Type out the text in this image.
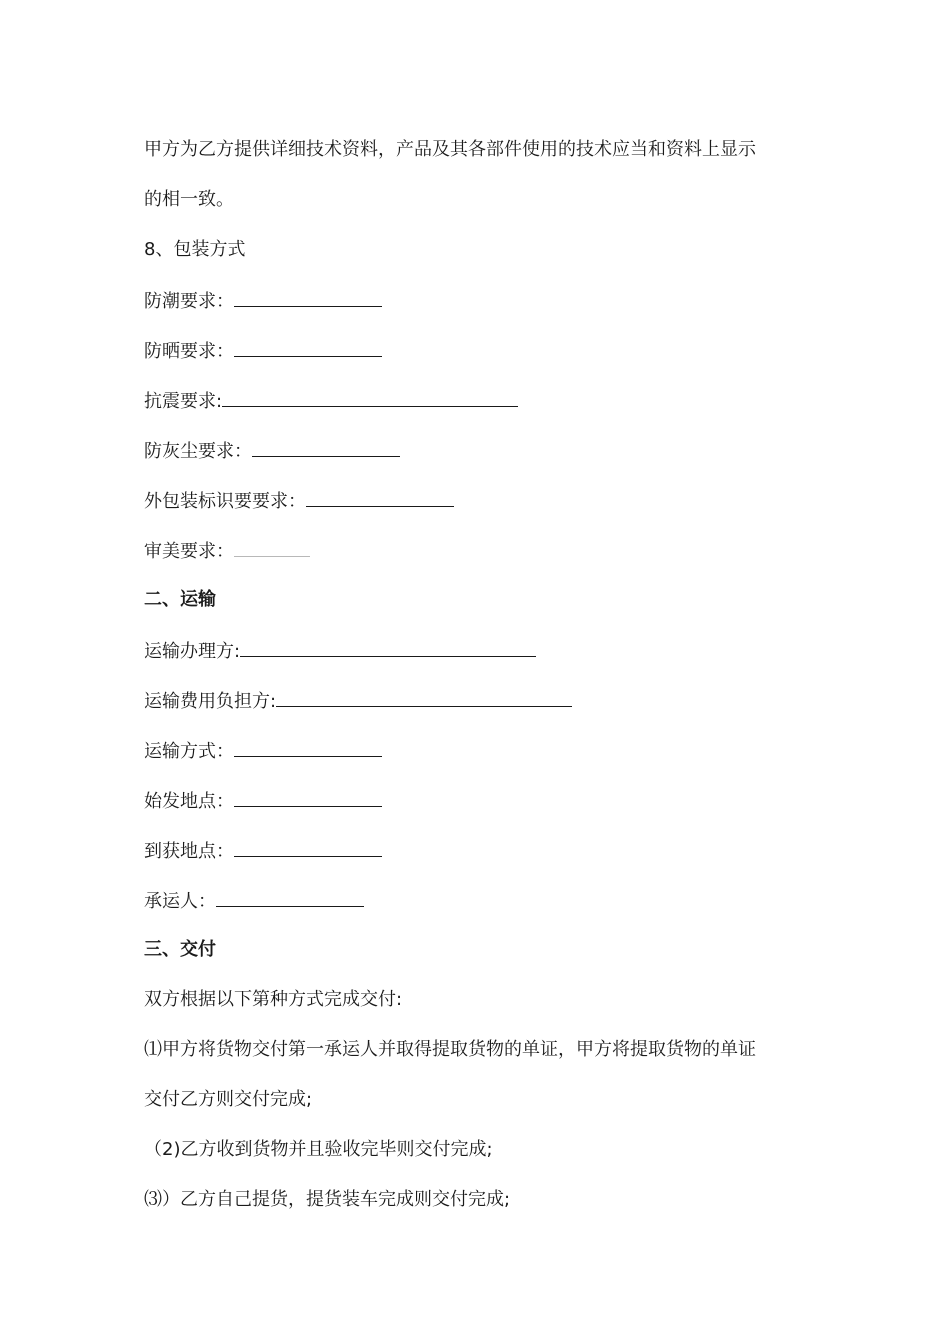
甲方为乙方提供详细技术资料，产品及其各部件使用的技术应当和资料上显示
的相一致。
8、包装方式
防潮要求：
防晒要求：
抗震要求:
防灰尘要求：
外包装标识要要求：
审美要求：
二、运输
运输办理方:
运输费用负担方:
运输方式：
始发地点：
到获地点：
承运人：
三、交付
双方根据以下第种方式完成交付:
⑴甲方将货物交付第一承运人并取得提取货物的单证，甲方将提取货物的单证
交付乙方则交付完成;
（2)乙方收到货物并且验收完毕则交付完成;
⑶）乙方自己提货，提货装车完成则交付完成;
